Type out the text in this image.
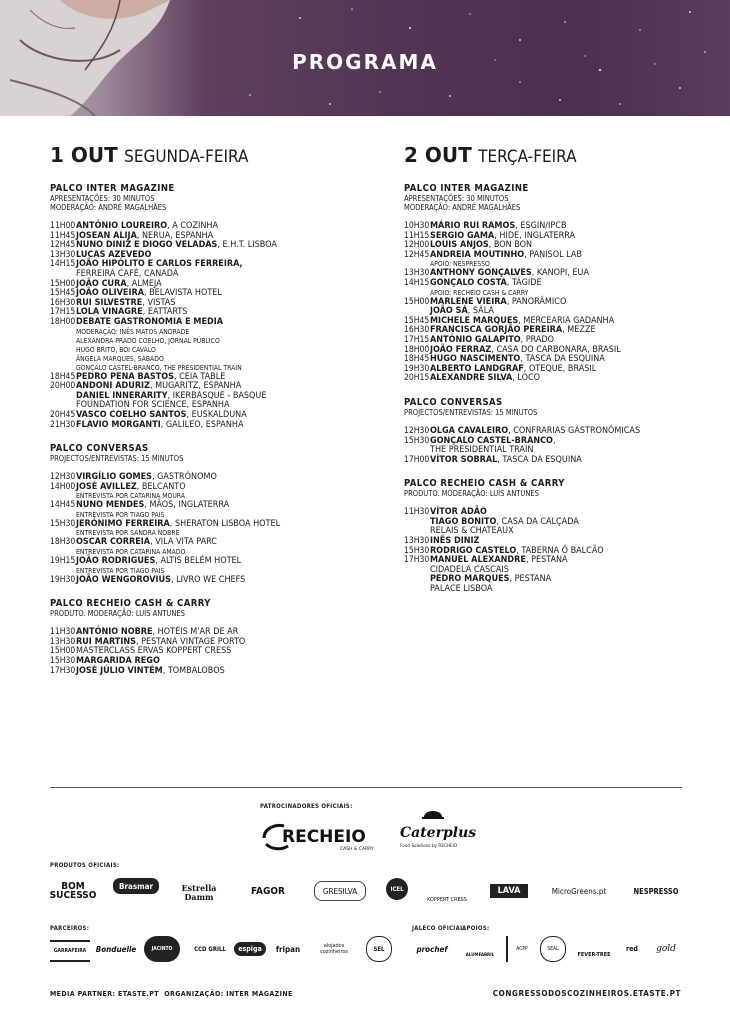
PROGRAMA
1 OUT SEGUNDA-FEIRA
PALCO INTER MAGAZINE
APRESENTAÇÕES: 30 MINUTOS
MODERAÇÃO: ANDRÉ MAGALHÃES
11H00 ANTÓNIO LOUREIRO, A COZINHA
11H45 JOSEAN ALIJA, NERUA, ESPANHA
12H45 NUNO DINIZ E DIOGO VELADAS, E.H.T. LISBOA
13H30 LUCAS AZEVEDO
14H15 JOÃO HIPÓLITO E CARLOS FERREIRA,
FERREIRA CAFÉ, CANADÁ
15H00 JOÃO CURA, ALMEJA
15H45 JOÃO OLIVEIRA, BELAVISTA HOTEL
16H30 RUI SILVESTRE, VISTAS
17H15 LOLA VINAGRE, EATTARTS
18H00 DEBATE GASTRONOMIA E MEDIA
MODERAÇÃO: INÊS MATOS ANDRADE
ALEXANDRA PRADO COELHO, JORNAL PÚBLICO
HUGO BRITO, BOI CAVALO
ÂNGELA MARQUES, SÁBADO
GONÇALO CASTEL-BRANCO, THE PRESIDENTIAL TRAIN
18H45 PEDRO PENA BASTOS, CEIA TABLE
20H00 ANDONI ADURIZ, MUGARITZ, ESPANHA
DANIEL INNERARITY, IKERBASQUE - BASQUE
FOUNDATION FOR SCIENCE, ESPANHA
20H45 VASCO COELHO SANTOS, EUSKALDUNA
21H30 FLAVIO MORGANTI, GALILEO, ESPANHA
PALCO CONVERSAS
PROJECTOS/ENTREVISTAS: 15 MINUTOS
12H30 VIRGÍLIO GOMES, GASTRÓNOMO
14H00 JOSÉ AVILLEZ, BELCANTO
ENTREVISTA POR CATARINA MOURA
14H45 NUNO MENDES, MÃOS, INGLATERRA
ENTREVISTA POR TIAGO PAIS
15H30 JERÓNIMO FERREIRA, SHERATON LISBOA HOTEL
ENTREVISTA POR SANDRA NOBRE
18H30 OSCAR CORREIA, VILA VITA PARC
ENTREVISTA POR CATARINA AMADO
19H15 JOÃO RODRIGUES, ALTIS BELÉM HOTEL
ENTREVISTA POR TIAGO PAIS
19H30 JOÃO WENGOROVIUS, LIVRO WE CHEFS
PALCO RECHEIO CASH & CARRY
PRODUTO. MODERAÇÃO: LUÍS ANTUNES
11H30 ANTÓNIO NOBRE, HOTÉIS M'AR DE AR
13H30 RUI MARTINS, PESTANA VINTAGE PORTO
15H00 MASTERCLASS ERVAS KOPPERT CRESS
15H30 MARGARIDA REGO
17H30 JOSÉ JÚLIO VINTÉM, TOMBALOBOS
2 OUT TERÇA-FEIRA
PALCO INTER MAGAZINE
APRESENTAÇÕES: 30 MINUTOS
MODERAÇÃO: ANDRÉ MAGALHÃES
10H30 MÁRIO RUI RAMOS, ESGIN/IPCB
11H15 SERGIO GAMA, HIDE, INGLATERRA
12H00 LOUIS ANJOS, BON BON
12H45 ANDREIA MOUTINHO, PANISOL LAB
APOIO: NESPRESSO
13H30 ANTHONY GONÇALVES, KANOPI, EUA
14H15 GONÇALO COSTA, TÁGIDE
APOIO: RECHEIO CASH & CARRY
15H00 MARLENE VIEIRA, PANORÂMICO
JOÃO SÁ, SÁLA
15H45 MICHELE MARQUES, MERCEARIA GADANHA
16H30 FRANCISCA GORJÃO PEREIRA, MEZZE
17H15 ANTÓNIO GALAPITO, PRADO
18H00 JOÃO FERRAZ, CASA DO CARBONARA, BRASIL
18H45 HUGO NASCIMENTO, TASCA DA ESQUINA
19H30 ALBERTO LANDGRAF, OTEQUE, BRASIL
20H15 ALEXANDRE SILVA, LOCO
PALCO CONVERSAS
PROJECTOS/ENTREVISTAS: 15 MINUTOS
12H30 OLGA CAVALEIRO, CONFRARIAS GASTRONÓMICAS
15H30 GONÇALO CASTEL-BRANCO,
THE PRESIDENTIAL TRAIN
17H00 VÍTOR SOBRAL, TASCA DA ESQUINA
PALCO RECHEIO CASH & CARRY
PRODUTO. MODERAÇÃO: LUÍS ANTUNES
11H30 VÍTOR ADÃO
TIAGO BONITO, CASA DA CALÇADA
RELAIS & CHATEAUX
13H30 INÊS DINIZ
15H30 RODRIGO CASTELO, TABERNA Ó BALCÃO
17H30 MANUEL ALEXANDRE, PESTANA
CIDADELA CASCAIS
PEDRO MARQUES, PESTANA
PALACE LISBOA
PATROCINADORES OFICIAIS:
RECHEIO
CASH & CARRY
Caterplus
Food Solutions by RECHEIO
PRODUTOS OFICIAIS:
BOM SUCESSO
Brasmar	Estrella Damm
FAGOR	GRESILVA	ICEL
KOPPERT CRESS
LAVA	MicroGreens.pt	NESPRESSO
PARCEIROS:	JALECO OFICIAL:
APOIOS:
GARRAFEIRA	Bonduelle	JACINTO	CCD GRILL	espiga	fripan	alojados cozinheiros	SEL	prochef
ALUMFABRIL
ACPP	SEAL
FEVER-TREE
red	gold
MEDIA PARTNER: ETASTE.PT ORGANIZAÇÃO: INTER MAGAZINE	CONGRESSODOSCOZINHEIROS.ETASTE.PT
